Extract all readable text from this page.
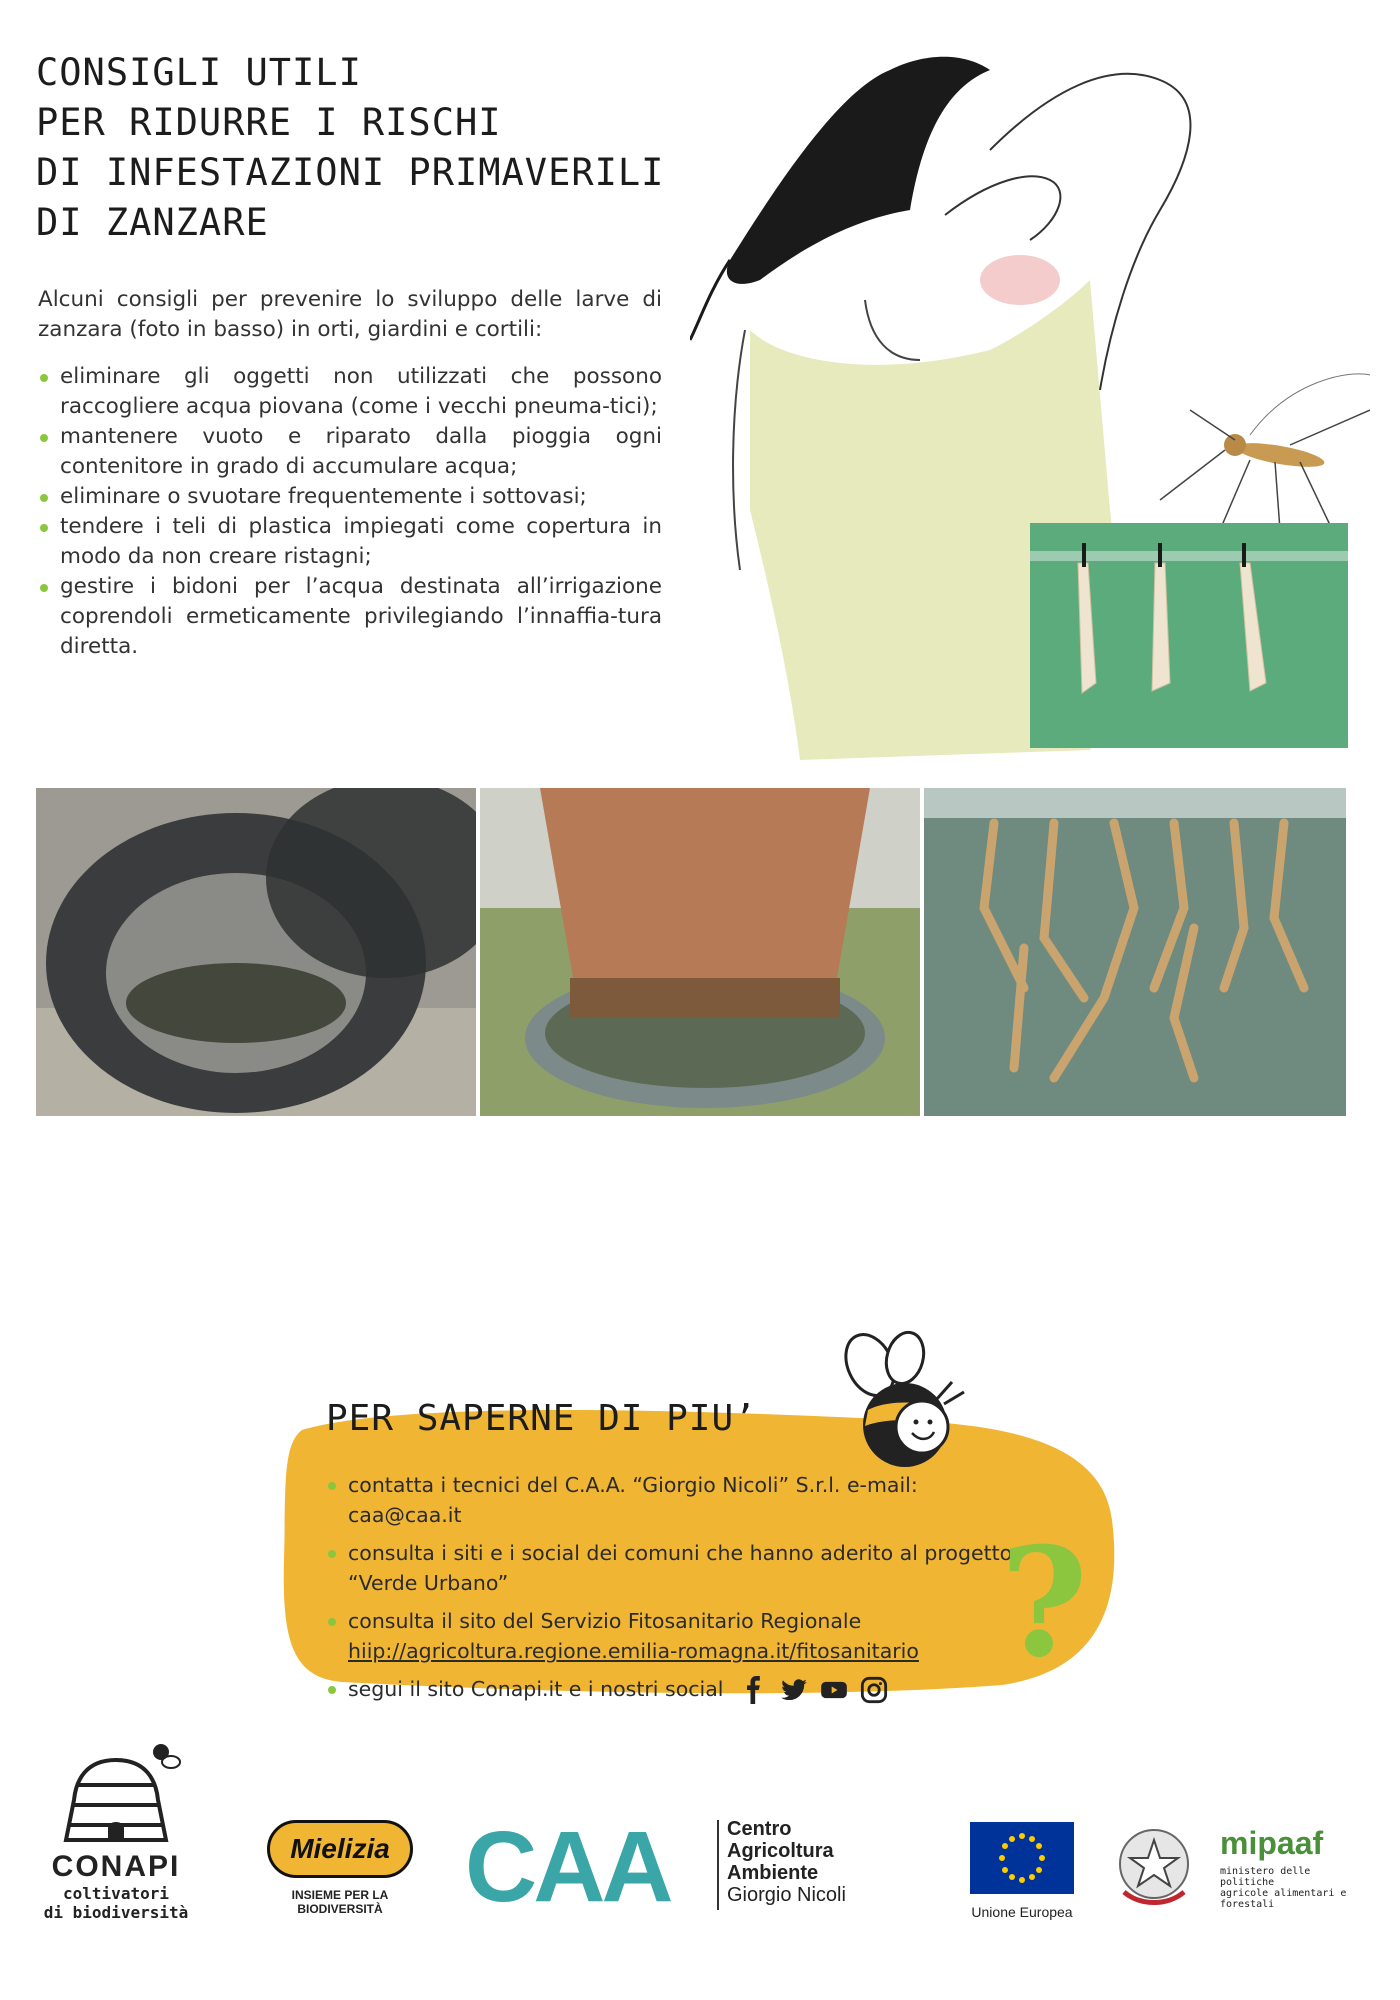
CONSIGLI UTILI
PER RIDURRE I RISCHI
DI INFESTAZIONI PRIMAVERILI
DI ZANZARE

Alcuni consigli per prevenire lo sviluppo delle larve di zanzara (foto in basso) in orti, giardini e cortili:

eliminare gli oggetti non utilizzati che possono raccogliere acqua piovana (come i vecchi pneuma-tici);
mantenere vuoto e riparato dalla pioggia ogni contenitore in grado di accumulare acqua;
eliminare o svuotare frequentemente i sottovasi;
tendere i teli di plastica impiegati come copertura in modo da non creare ristagni;
gestire i bidoni per l’acqua destinata all’irrigazione coprendoli ermeticamente privilegiando l’innaffia-tura diretta.
PER SAPERNE DI PIU’
contatta i tecnici del C.A.A. “Giorgio Nicoli” S.r.l. e-mail: caa@caa.it
consulta i siti e i social dei comuni che hanno aderito al progetto “Verde Urbano”
consulta il sito del Servizio Fitosanitario Regionale
hiip://agricoltura.regione.emilia-romagna.it/fitosanitario
segui il sito Conapi.it e i nostri social	?
CONAPI
coltivatori
di biodiversità
Mielizia
INSIEME PER LA BIODIVERSITÀ CAA	Centro
Agricoltura
Ambiente
Giorgio Nicoli
Unione Europea
mipaaf
ministero delle politiche
agricole alimentari e forestali
